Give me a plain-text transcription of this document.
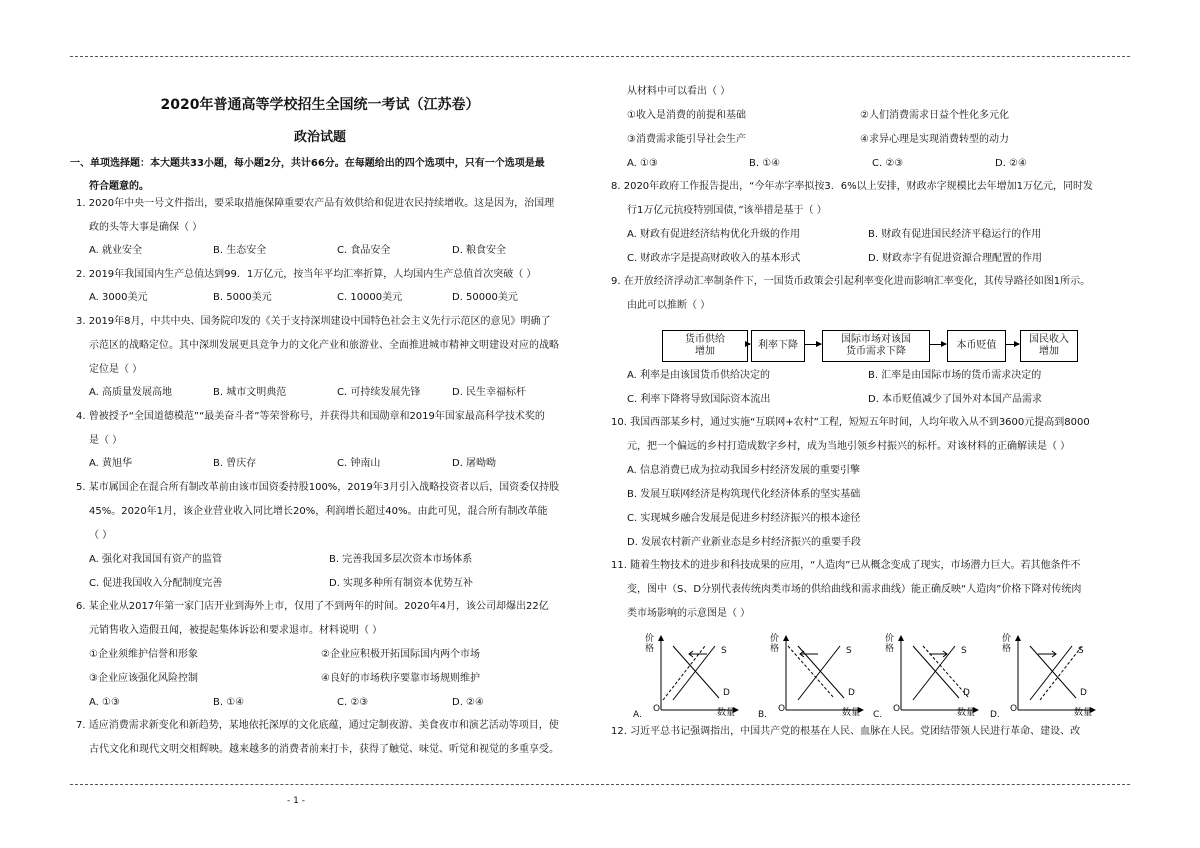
2020年普通高等学校招生全国统一考试（江苏卷）
政治试题
一、单项选择题：本大题共33小题，每小题2分，共计66分。在每题给出的四个选项中，只有一个选项是最
符合题意的。
1. 2020年中央一号文件指出，要采取措施保障重要农产品有效供给和促进农民持续增收。这是因为，治国理
政的头等大事是确保（ ）
2. 2019年我国国内生产总值达到99．1万亿元，按当年平均汇率折算，人均国内生产总值首次突破（ ）
3. 2019年8月，中共中央、国务院印发的《关于支持深圳建设中国特色社会主义先行示范区的意见》明确了
示范区的战略定位。其中深圳发展更具竞争力的文化产业和旅游业、全面推进城市精神文明建设对应的战略
定位是（ ）
4. 曾被授予“全国道德模范”“最美奋斗者”等荣誉称号，并获得共和国勋章和2019年国家最高科学技术奖的
是（ ）
5. 某市属国企在混合所有制改革前由该市国资委持股100%，2019年3月引入战略投资者以后，国资委仅持股
45%。2020年1月，该企业营业收入同比增长20%，利润增长超过40%。由此可见，混合所有制改革能
（ ）
6. 某企业从2017年第一家门店开业到海外上市，仅用了不到两年的时间。2020年4月，该公司却爆出22亿
元销售收入造假丑闻，被提起集体诉讼和要求退市。材料说明（ ）
7. 适应消费需求新变化和新趋势，某地依托深厚的文化底蕴，通过定制夜游、美食夜市和演艺活动等项目，使
古代文化和现代文明交相辉映。越来越多的消费者前来打卡，获得了触觉、味觉、听觉和视觉的多重享受。
A. 就业安全	B. 生态安全	C. 食品安全	D. 粮食安全
A. 3000美元	B. 5000美元	C. 10000美元	D. 50000美元
A. 高质量发展高地	B. 城市文明典范	C. 可持续发展先锋	D. 民生幸福标杆
A. 黄旭华	B. 曾庆存	C. 钟南山	D. 屠呦呦
A. 强化对我国国有资产的监管	B. 完善我国多层次资本市场体系
C. 促进我国收入分配制度完善	D. 实现多种所有制资本优势互补
①企业须维护信誉和形象	②企业应积极开拓国际国内两个市场
③企业应该强化风险控制	④良好的市场秩序要靠市场规则维护
A. ①③	B. ①④	C. ②③	D. ②④
从材料中可以看出（ ）
8. 2020年政府工作报告提出，“今年赤字率拟按3．6%以上安排，财政赤字规模比去年增加1万亿元，同时发
行1万亿元抗疫特别国债，”该举措是基于（ ）
9. 在开放经济浮动汇率制条件下，一国货币政策会引起利率变化进而影响汇率变化，其传导路径如图1所示。
由此可以推断（ ）
10. 我国西部某乡村，通过实施“互联网+农村”工程，短短五年时间，人均年收入从不到3600元提高到8000
元，把一个偏远的乡村打造成数字乡村，成为当地引领乡村振兴的标杆。对该材料的正确解读是（ ）
11. 随着生物技术的进步和科技成果的应用，“人造肉”已从概念变成了现实，市场潜力巨大。若其他条件不
变，图中（S、D分别代表传统肉类市场的供给曲线和需求曲线）能正确反映“人造肉”价格下降对传统肉
类市场影响的示意图是（ ）
12. 习近平总书记强调指出，中国共产党的根基在人民、血脉在人民。党团结带领人民进行革命、建设、改
①收入是消费的前提和基础	②人们消费需求日益个性化多元化
③消费需求能引导社会生产	④求异心理是实现消费转型的动力
A. ①③	B. ①④	C. ②③	D. ②④
A. 财政有促进经济结构优化升级的作用	B. 财政有促进国民经济平稳运行的作用
C. 财政赤字是提高财政收入的基本形式	D. 财政赤字有促进资源合理配置的作用
A. 利率是由该国货币供给决定的	B. 汇率是由国际市场的货币需求决定的
C. 利率下降将导致国际资本流出	D. 本币贬值减少了国外对本国产品需求
A. 信息消费已成为拉动我国乡村经济发展的重要引擎
B. 发展互联网经济是构筑现代化经济体系的坚实基础
C. 实现城乡融合发展是促进乡村经济振兴的根本途径
D. 发展农村新产业新业态是乡村经济振兴的重要手段
货币供给
增加
利率下降
国际市场对该国
货币需求下降
本币贬值
国民收入
增加
价
格
数量
O
S
D
A.
价
格
数量
O
S
D
B.
价
格
数量
O
S
D
C.
价
格
数量
O
S
D
D.
- 1 -
